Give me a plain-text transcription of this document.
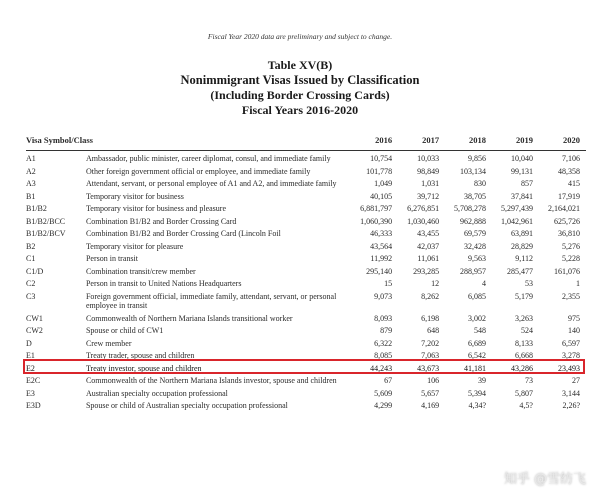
Fiscal Year 2020 data are preliminary and subject to change.
Table XV(B)
Nonimmigrant Visas Issued by Classification
(Including Border Crossing Cards)
Fiscal Years 2016-2020
Visa Symbol/Class		2016	2017	2018	2019	2020
A1	Ambassador, public minister, career diplomat, consul, and immediate family	10,754	10,033	9,856	10,040	7,106
A2	Other foreign government official or employee, and immediate family	101,778	98,849	103,134	99,131	48,358
A3	Attendant, servant, or personal employee of A1 and A2, and immediate family	1,049	1,031	830	857	415
B1	Temporary visitor for business	40,105	39,712	38,705	37,841	17,919
B1/B2	Temporary visitor for business and pleasure	6,881,797	6,276,851	5,708,278	5,297,439	2,164,021
B1/B2/BCC	Combination B1/B2 and Border Crossing Card	1,060,390	1,030,460	962,888	1,042,961	625,726
B1/B2/BCV	Combination B1/B2 and Border Crossing Card (Lincoln Foil	46,333	43,455	69,579	63,891	36,810
B2	Temporary visitor for pleasure	43,564	42,037	32,428	28,829	5,276
C1	Person in transit	11,992	11,061	9,563	9,112	5,228
C1/D	Combination transit/crew member	295,140	293,285	288,957	285,477	161,076
C2	Person in transit to United Nations Headquarters	15	12	4	53	1
C3	Foreign government official, immediate family, attendant, servant, or personal employee in transit	9,073	8,262	6,085	5,179	2,355
CW1	Commonwealth of Northern Mariana Islands transitional worker	8,093	6,198	3,002	3,263	975
CW2	Spouse or child of CW1	879	648	548	524	140
D	Crew member	6,322	7,202	6,689	8,133	6,597
E1	Treaty trader, spouse and children	8,085	7,063	6,542	6,668	3,278
E2	Treaty investor, spouse and children	44,243	43,673	41,181	43,286	23,493
E2C	Commonwealth of the Northern Mariana Islands investor, spouse and children	67	106	39	73	27
E3	Australian specialty occupation professional	5,609	5,657	5,394	5,807	3,144
E3D	Spouse or child of Australian specialty occupation professional	4,299	4,169	4,34?	4,5?	2,26?
知乎 @雪纺飞
